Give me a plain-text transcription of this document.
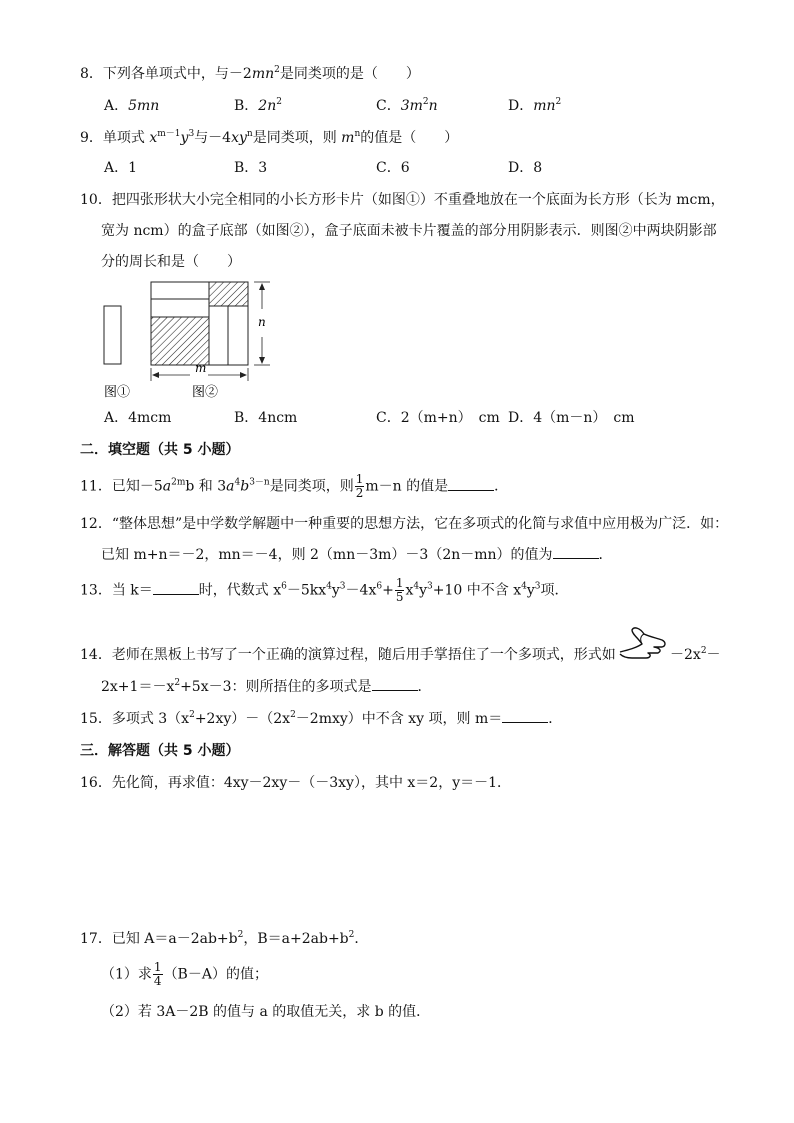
8．下列各单项式中，与$-2mn^2$是同类项的是（　　）
A．5mn	B．$2n^2$	C．$3m^2n$	D．$mn^2$
9．单项式 $x^{m-1}y^3$与$-4xy^n$是同类项，则 $m^n$的值是（　　）
A．1	B．3	C．6	D．8
10．把四张形状大小完全相同的小长方形卡片（如图①）不重叠地放在一个底面为长方形（长为 mcm，
宽为 ncm）的盒子底部（如图②），盒子底面未被卡片覆盖的部分用阴影表示．则图②中两块阴影部
分的周长和是（　　）
n
m
图①	图②
A．4mcm	B．4ncm	C．2（m+n）　cm D．4（m－n）　cm
二．填空题（共 5 小题）
11．已知$-5a^{2m}b$ 和 $3a^4b^{3-n}$是同类项，则 $\frac{1}{2} m-n$ 的值是	．
12．“整体思想”是中学数学解题中一种重要的思想方法，它在多项式的化简与求值中应用极为广泛．如：
已知 m+n＝－2，mn＝－4，则 2（mn－3m）－3（2n－mn）的值为	．
13．当 k＝	时，代数式 $x^6-5kx^4y^3-4x^6+ \frac{1}{5} x^4y^3+10$ 中不含 $x^4y^3$项．
14．老师在黑板上书写了一个正确的演算过程，随后用手掌捂住了一个多项式，形式如	$-2x^2-$
$2x+1=-x^2+5x-3$：则所捂住的多项式是	．
15．多项式 $3(x^2+2xy)-(2x^2-2mxy)$中不含 xy 项，则 m＝	．
三．解答题（共 5 小题）
16．先化简，再求值：4xy－2xy－（－3xy），其中 x＝2，y＝－1．
17．已知 $A=a-2ab+b^2$，$B=a+2ab+b^2$．
（1）求 $\frac{1}{4} (B-A)$的值；
（2）若 3A－2B 的值与 a 的取值无关，求 b 的值．
